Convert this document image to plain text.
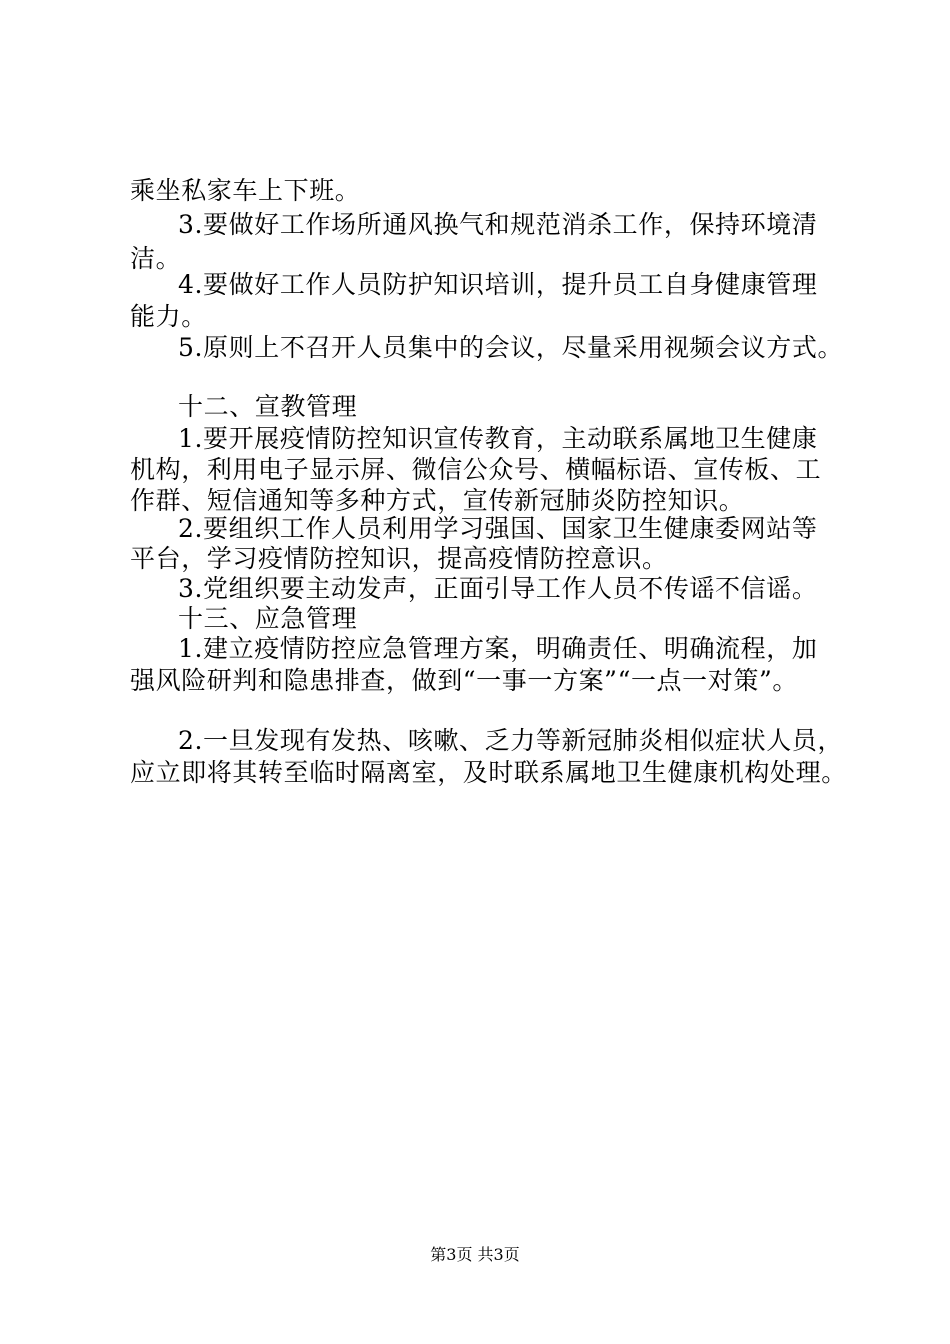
乘坐私家车上下班。
3.要做好工作场所通风换气和规范消杀工作，保持环境清
洁。
4.要做好工作人员防护知识培训，提升员工自身健康管理
能力。
5.原则上不召开人员集中的会议，尽量采用视频会议方式。
十二、宣教管理
1.要开展疫情防控知识宣传教育，主动联系属地卫生健康
机构，利用电子显示屏、微信公众号、横幅标语、宣传板、工
作群、短信通知等多种方式，宣传新冠肺炎防控知识。
2.要组织工作人员利用学习强国、国家卫生健康委网站等
平台，学习疫情防控知识，提高疫情防控意识。
3.党组织要主动发声，正面引导工作人员不传谣不信谣。
十三、应急管理
1.建立疫情防控应急管理方案，明确责任、明确流程，加
强风险研判和隐患排查，做到“一事一方案”“一点一对策”。
2.一旦发现有发热、咳嗽、乏力等新冠肺炎相似症状人员，
应立即将其转至临时隔离室，及时联系属地卫生健康机构处理。
第3页 共3页
